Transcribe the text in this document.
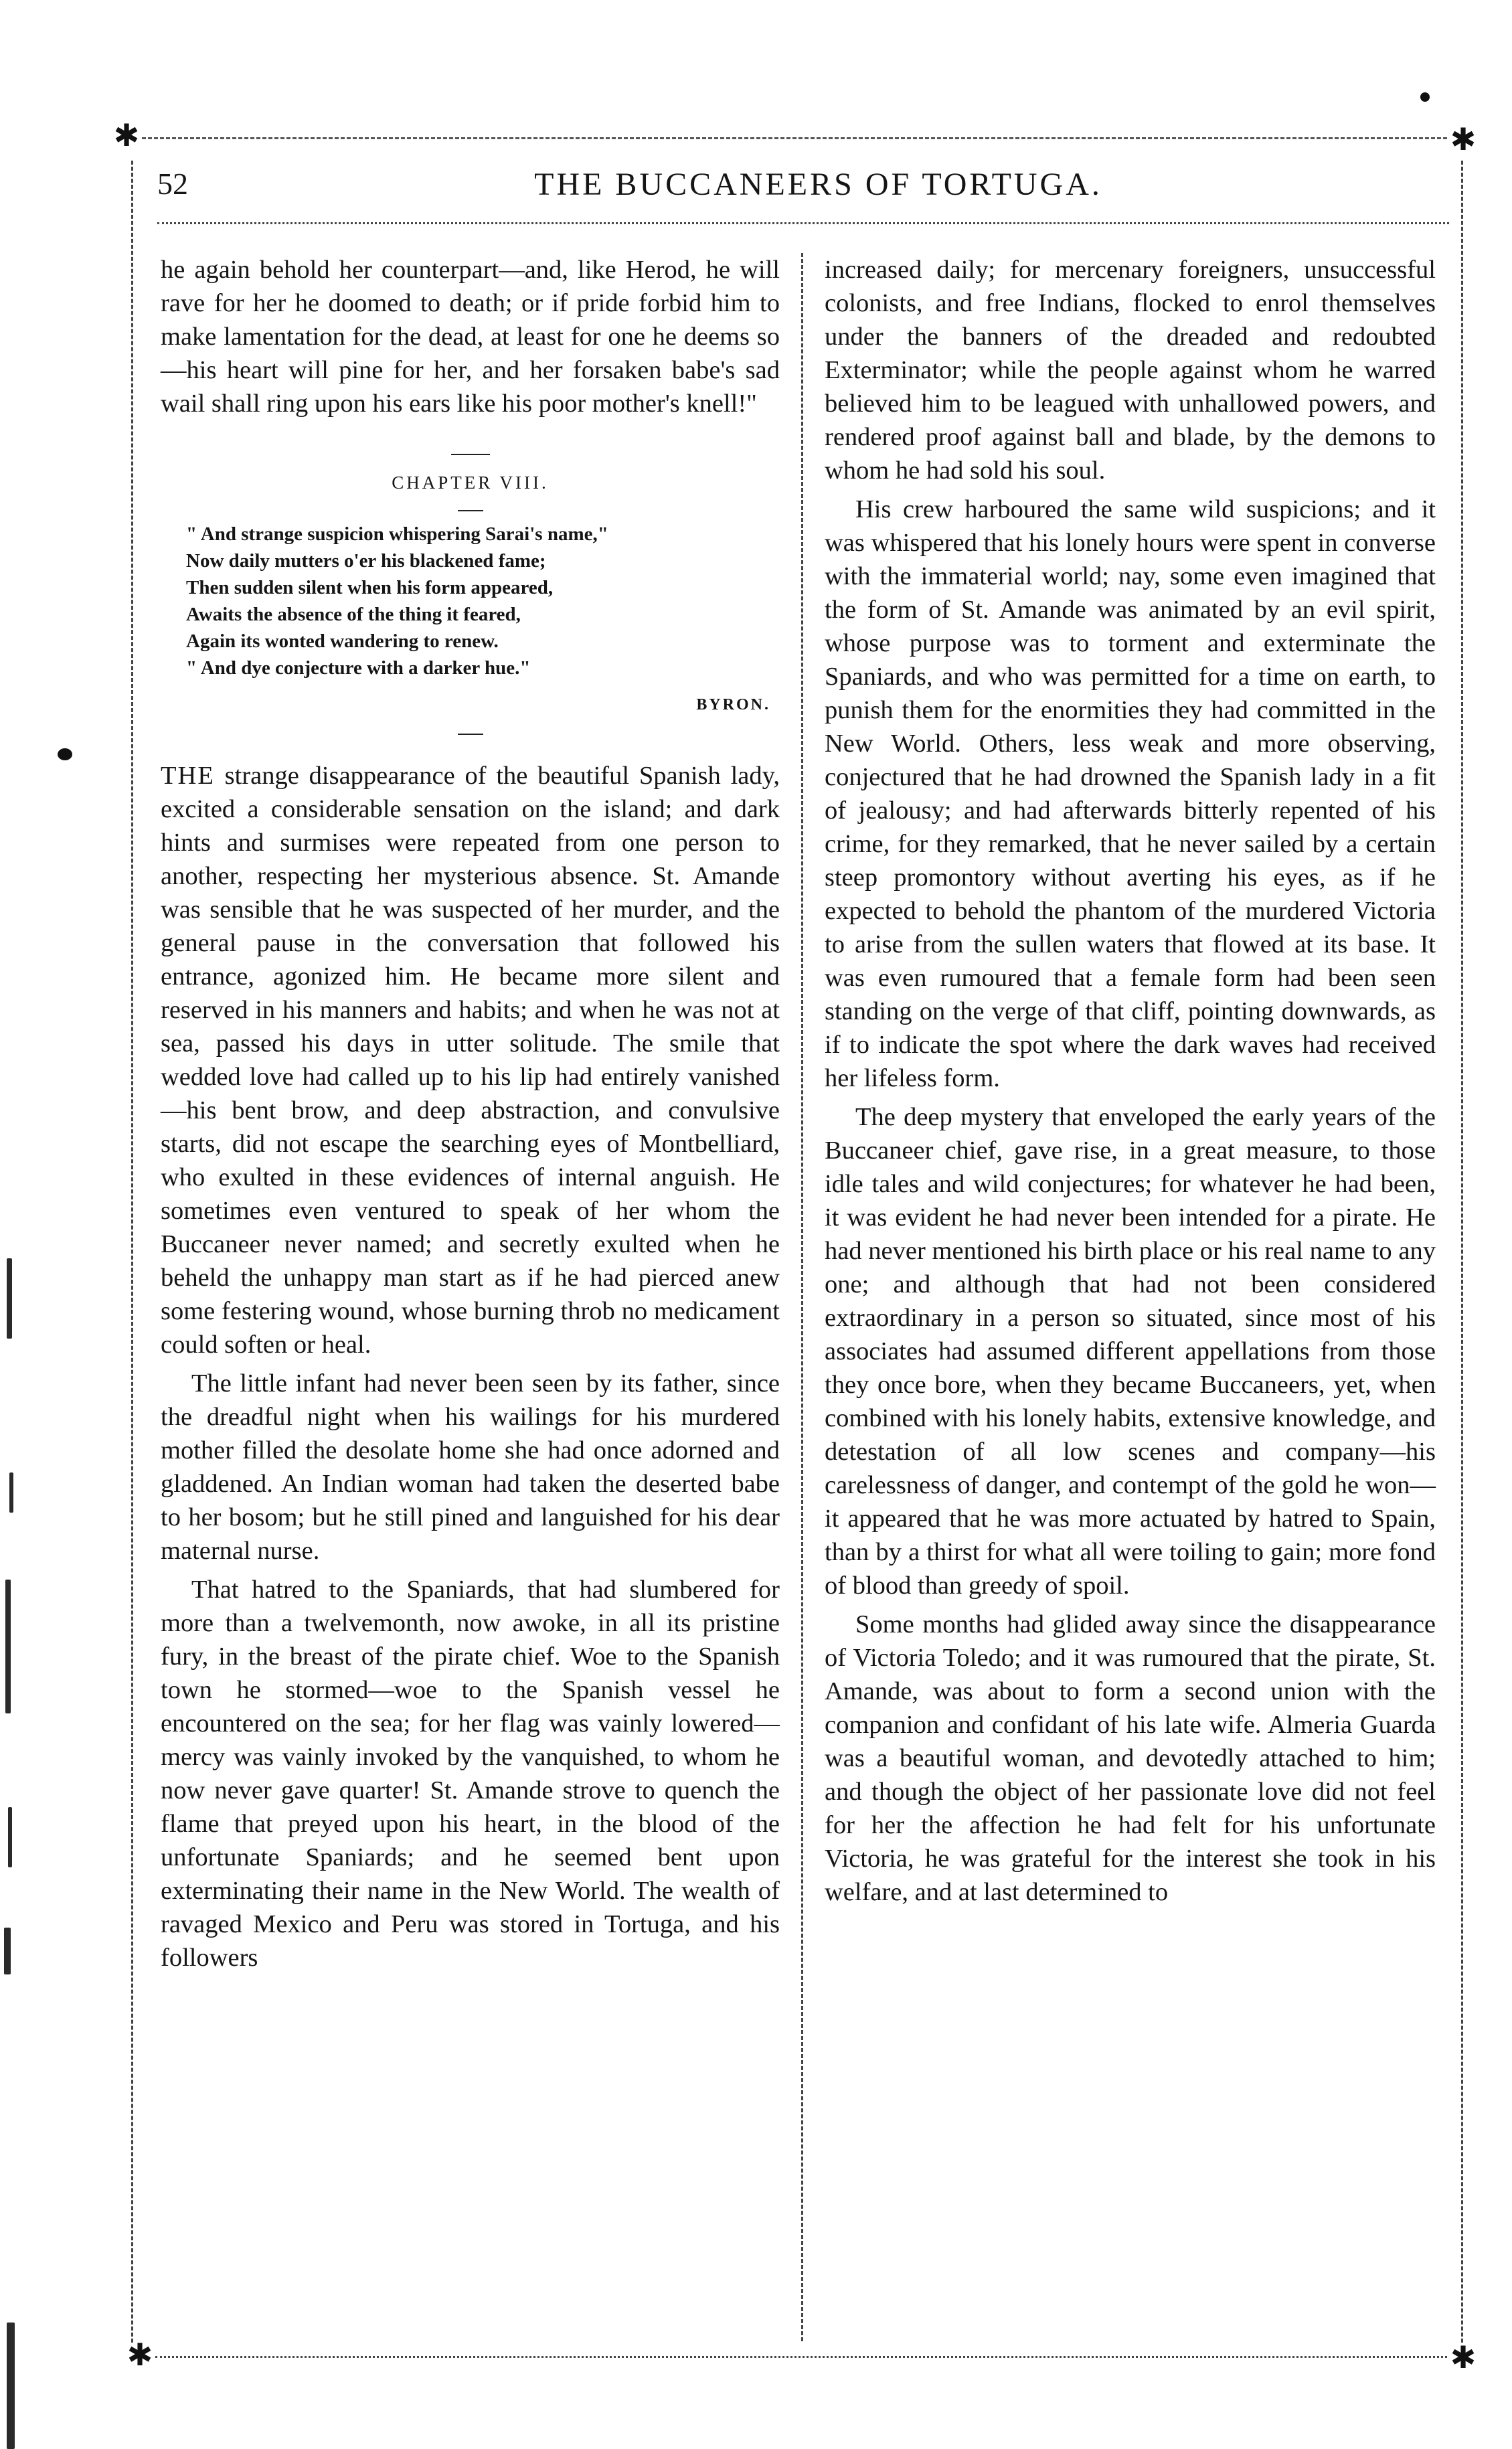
✱	✱
✱	✱
52	THE BUCCANEERS OF TORTUGA.

he again behold her counterpart—and, like Herod, he will rave for her he doomed to death; or if pride forbid him to make lamentation for the dead, at least for one he deems so—his heart will pine for her, and her forsaken babe's sad wail shall ring upon his ears like his poor mother's knell!"

CHAPTER VIII.
" And strange suspicion whispering Sarai's name,"
Now daily mutters o'er his blackened fame;
Then sudden silent when his form appeared,
Awaits the absence of the thing it feared,
Again its wonted wandering to renew.
" And dye conjecture with a darker hue."
BYRON.

THE strange disappearance of the beautiful Spanish lady, excited a considerable sensation on the island; and dark hints and surmises were repeated from one person to another, respecting her mysterious absence. St. Amande was sensible that he was suspected of her murder, and the general pause in the conversation that followed his entrance, agonized him. He became more silent and reserved in his manners and habits; and when he was not at sea, passed his days in utter solitude. The smile that wedded love had called up to his lip had entirely vanished—his bent brow, and deep abstraction, and convulsive starts, did not escape the searching eyes of Montbelliard, who exulted in these evidences of internal anguish. He sometimes even ventured to speak of her whom the Buccaneer never named; and secretly exulted when he beheld the unhappy man start as if he had pierced anew some festering wound, whose burning throb no medicament could soften or heal.

The little infant had never been seen by its father, since the dreadful night when his wailings for his murdered mother filled the desolate home she had once adorned and gladdened. An Indian woman had taken the deserted babe to her bosom; but he still pined and languished for his dear maternal nurse.

That hatred to the Spaniards, that had slumbered for more than a twelvemonth, now awoke, in all its pristine fury, in the breast of the pirate chief. Woe to the Spanish town he stormed—woe to the Spanish vessel he encountered on the sea; for her flag was vainly lowered—mercy was vainly invoked by the vanquished, to whom he now never gave quarter! St. Amande strove to quench the flame that preyed upon his heart, in the blood of the unfortunate Spaniards; and he seemed bent upon exterminating their name in the New World. The wealth of ravaged Mexico and Peru was stored in Tortuga, and his followers

increased daily; for mercenary foreigners, unsuccessful colonists, and free Indians, flocked to enrol themselves under the banners of the dreaded and redoubted Exterminator; while the people against whom he warred believed him to be leagued with unhallowed powers, and rendered proof against ball and blade, by the demons to whom he had sold his soul.

His crew harboured the same wild suspicions; and it was whispered that his lonely hours were spent in converse with the immaterial world; nay, some even imagined that the form of St. Amande was animated by an evil spirit, whose purpose was to torment and exterminate the Spaniards, and who was permitted for a time on earth, to punish them for the enormities they had committed in the New World. Others, less weak and more observing, conjectured that he had drowned the Spanish lady in a fit of jealousy; and had afterwards bitterly repented of his crime, for they remarked, that he never sailed by a certain steep promontory without averting his eyes, as if he expected to behold the phantom of the murdered Victoria to arise from the sullen waters that flowed at its base. It was even rumoured that a female form had been seen standing on the verge of that cliff, pointing downwards, as if to indicate the spot where the dark waves had received her lifeless form.

The deep mystery that enveloped the early years of the Buccaneer chief, gave rise, in a great measure, to those idle tales and wild conjectures; for whatever he had been, it was evident he had never been intended for a pirate. He had never mentioned his birth place or his real name to any one; and although that had not been considered extraordinary in a person so situated, since most of his associates had assumed different appellations from those they once bore, when they became Buccaneers, yet, when combined with his lonely habits, extensive knowledge, and detestation of all low scenes and company—his carelessness of danger, and contempt of the gold he won—it appeared that he was more actuated by hatred to Spain, than by a thirst for what all were toiling to gain; more fond of blood than greedy of spoil.

Some months had glided away since the disappearance of Victoria Toledo; and it was rumoured that the pirate, St. Amande, was about to form a second union with the companion and confidant of his late wife. Almeria Guarda was a beautiful woman, and devotedly attached to him; and though the object of her passionate love did not feel for her the affection he had felt for his unfortunate Victoria, he was grateful for the interest she took in his welfare, and at last determined to
